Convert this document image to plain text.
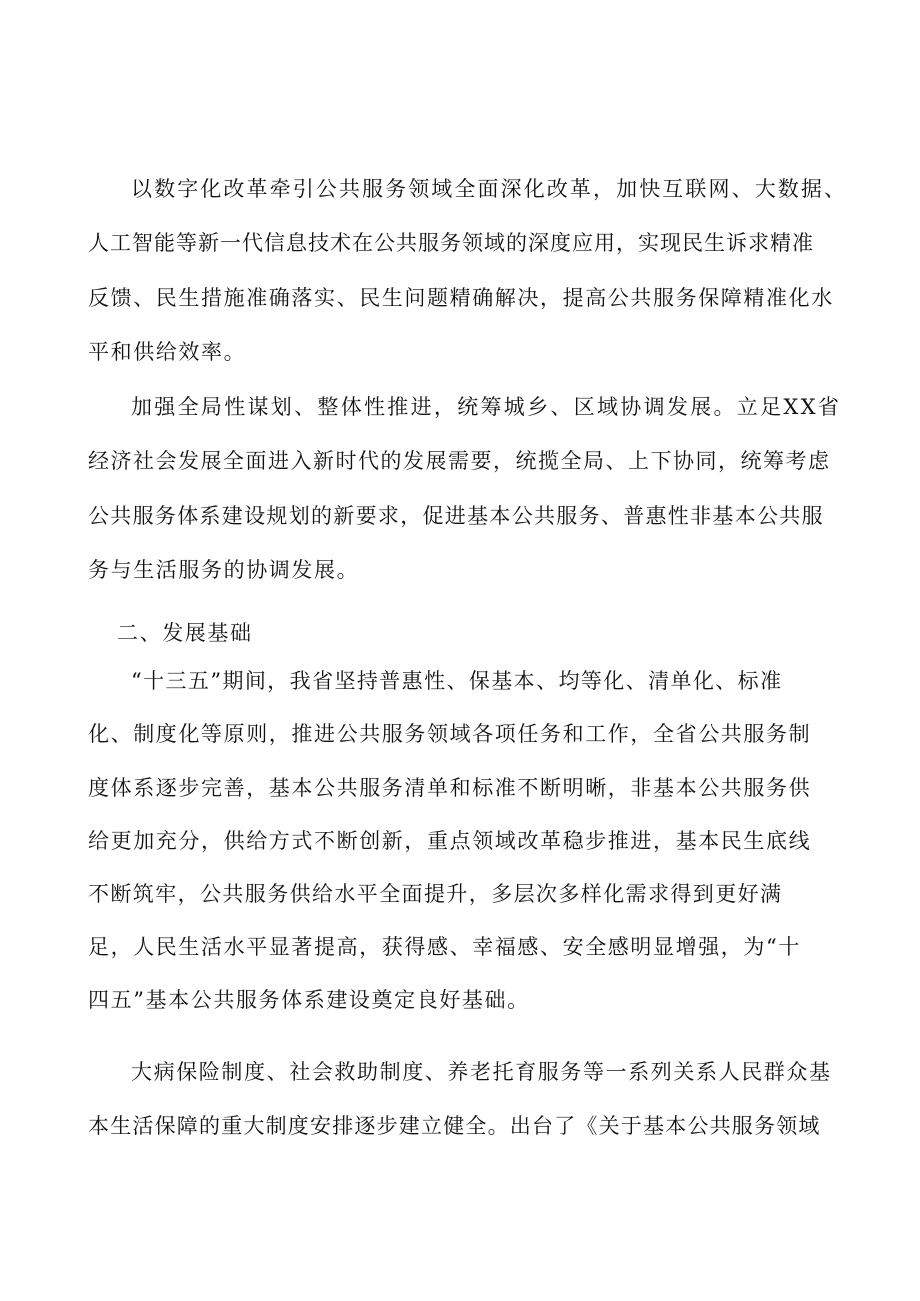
以数字化改革牵引公共服务领域全面深化改革，加快互联网、大数据、
人工智能等新一代信息技术在公共服务领域的深度应用，实现民生诉求精准
反馈、民生措施准确落实、民生问题精确解决，提高公共服务保障精准化水
平和供给效率。
加强全局性谋划、整体性推进，统筹城乡、区域协调发展。立足XX省
经济社会发展全面进入新时代的发展需要，统揽全局、上下协同，统筹考虑
公共服务体系建设规划的新要求，促进基本公共服务、普惠性非基本公共服
务与生活服务的协调发展。
二、发展基础
“十三五”期间，我省坚持普惠性、保基本、均等化、清单化、标准
化、制度化等原则，推进公共服务领域各项任务和工作，全省公共服务制
度体系逐步完善，基本公共服务清单和标准不断明晰，非基本公共服务供
给更加充分，供给方式不断创新，重点领域改革稳步推进，基本民生底线
不断筑牢，公共服务供给水平全面提升，多层次多样化需求得到更好满
足，人民生活水平显著提高，获得感、幸福感、安全感明显增强，为“十
四五”基本公共服务体系建设奠定良好基础。
大病保险制度、社会救助制度、养老托育服务等一系列关系人民群众基
本生活保障的重大制度安排逐步建立健全。出台了《关于基本公共服务领域
